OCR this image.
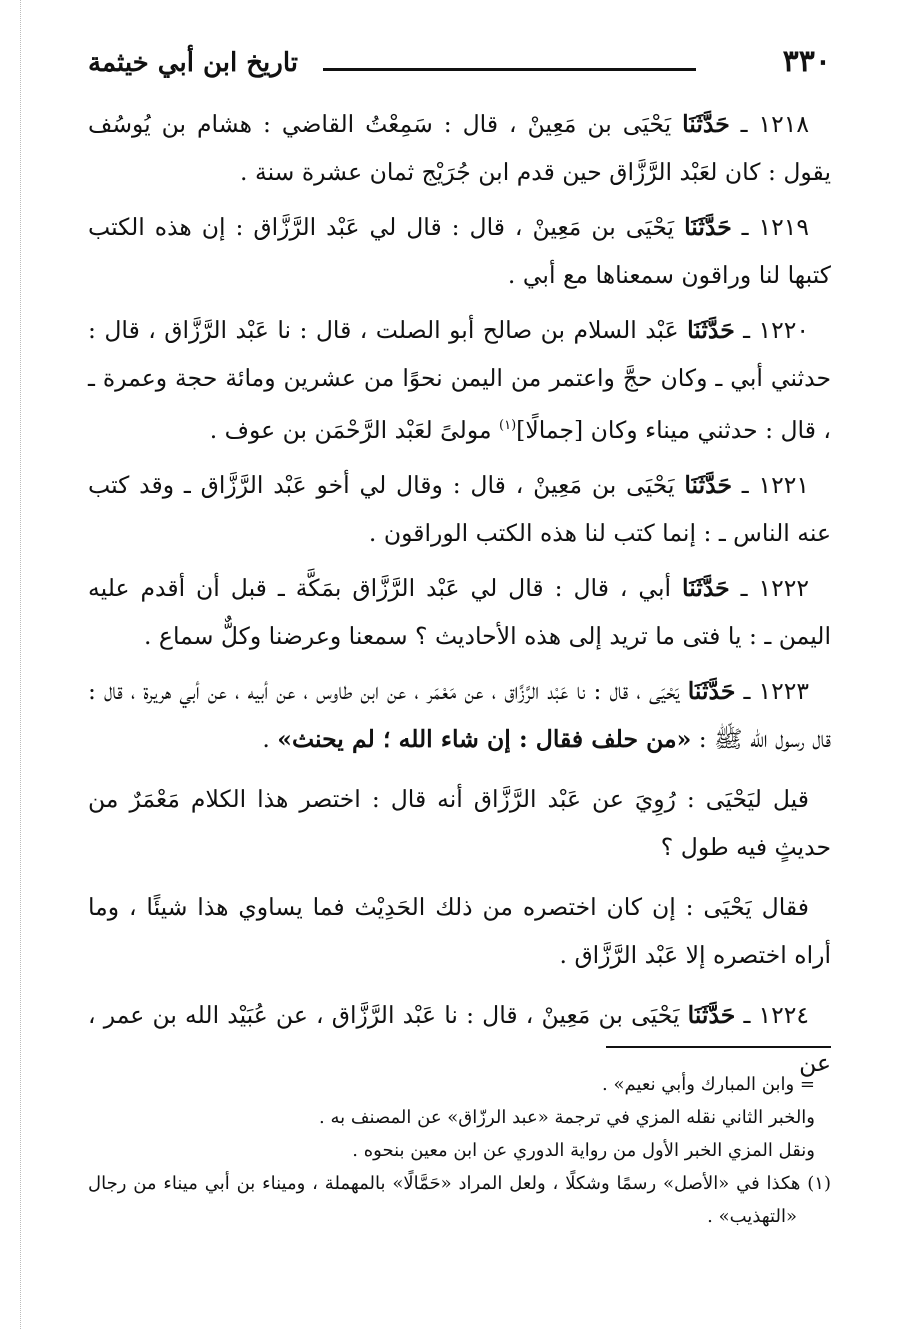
تاريخ ابن أبي خيثمة	٣٣٠

١٢١٨ ـ حَدَّثَنَا يَحْيَى بن مَعِينْ ، قال : سَمِعْتُ القاضي : هشام بن يُوسُف يقول : كان لعَبْد الرَّزَّاق حين قدم ابن جُرَيْج ثمان عشرة سنة .

١٢١٩ ـ حَدَّثَنَا يَحْيَى بن مَعِينْ ، قال : قال لي عَبْد الرَّزَّاق : إن هذه الكتب كتبها لنا وراقون سمعناها مع أبي .

١٢٢٠ ـ حَدَّثَنَا عَبْد السلام بن صالح أبو الصلت ، قال : نا عَبْد الرَّزَّاق ، قال : حدثني أبي ـ وكان حجَّ واعتمر من اليمن نحوًا من عشرين ومائة حجة وعمرة ـ ، قال : حدثني ميناء وكان [جمالًا]$^{(١)}$ مولىً لعَبْد الرَّحْمَن بن عوف .

١٢٢١ ـ حَدَّثَنَا يَحْيَى بن مَعِينْ ، قال : وقال لي أخو عَبْد الرَّزَّاق ـ وقد كتب عنه الناس ـ : إنما كتب لنا هذه الكتب الوراقون .

١٢٢٢ ـ حَدَّثَنَا أبي ، قال : قال لي عَبْد الرَّزَّاق بمَكَّة ـ قبل أن أقدم عليه اليمن ـ : يا فتى ما تريد إلى هذه الأحاديث ؟ سمعنا وعرضنا وكلٌّ سماع .

١٢٢٣ ـ حَدَّثَنَا يَحْيَى ، قال : نا عَبْد الرَّزَّاق ، عن مَعْمَر ، عن ابن طاوس ، عن أبيه ، عن أبي هريرة ، قال : قال رسول الله ﷺ : «من حلف فقال : إن شاء الله ؛ لم يحنث» .

قيل ليَحْيَى : رُوِيَ عن عَبْد الرَّزَّاق أنه قال : اختصر هذا الكلام مَعْمَرٌ من حديثٍ فيه طول ؟

فقال يَحْيَى : إن كان اختصره من ذلك الحَدِيْث فما يساوي هذا شيئًا ، وما أراه اختصره إلا عَبْد الرَّزَّاق .

١٢٢٤ ـ حَدَّثَنَا يَحْيَى بن مَعِينْ ، قال : نا عَبْد الرَّزَّاق ، عن عُبَيْد الله بن عمر ، عن

= وابن المبارك وأبي نعيم» .

والخبر الثاني نقله المزي في ترجمة «عبد الرزّاق» عن المصنف به .

ونقل المزي الخبر الأول من رواية الدوري عن ابن معين بنحوه .

(١) هكذا في «الأصل» رسمًا وشكلًا ، ولعل المراد «حَمَّالًا» بالمهملة ، وميناء بن أبي ميناء من رجال «التهذيب» .
